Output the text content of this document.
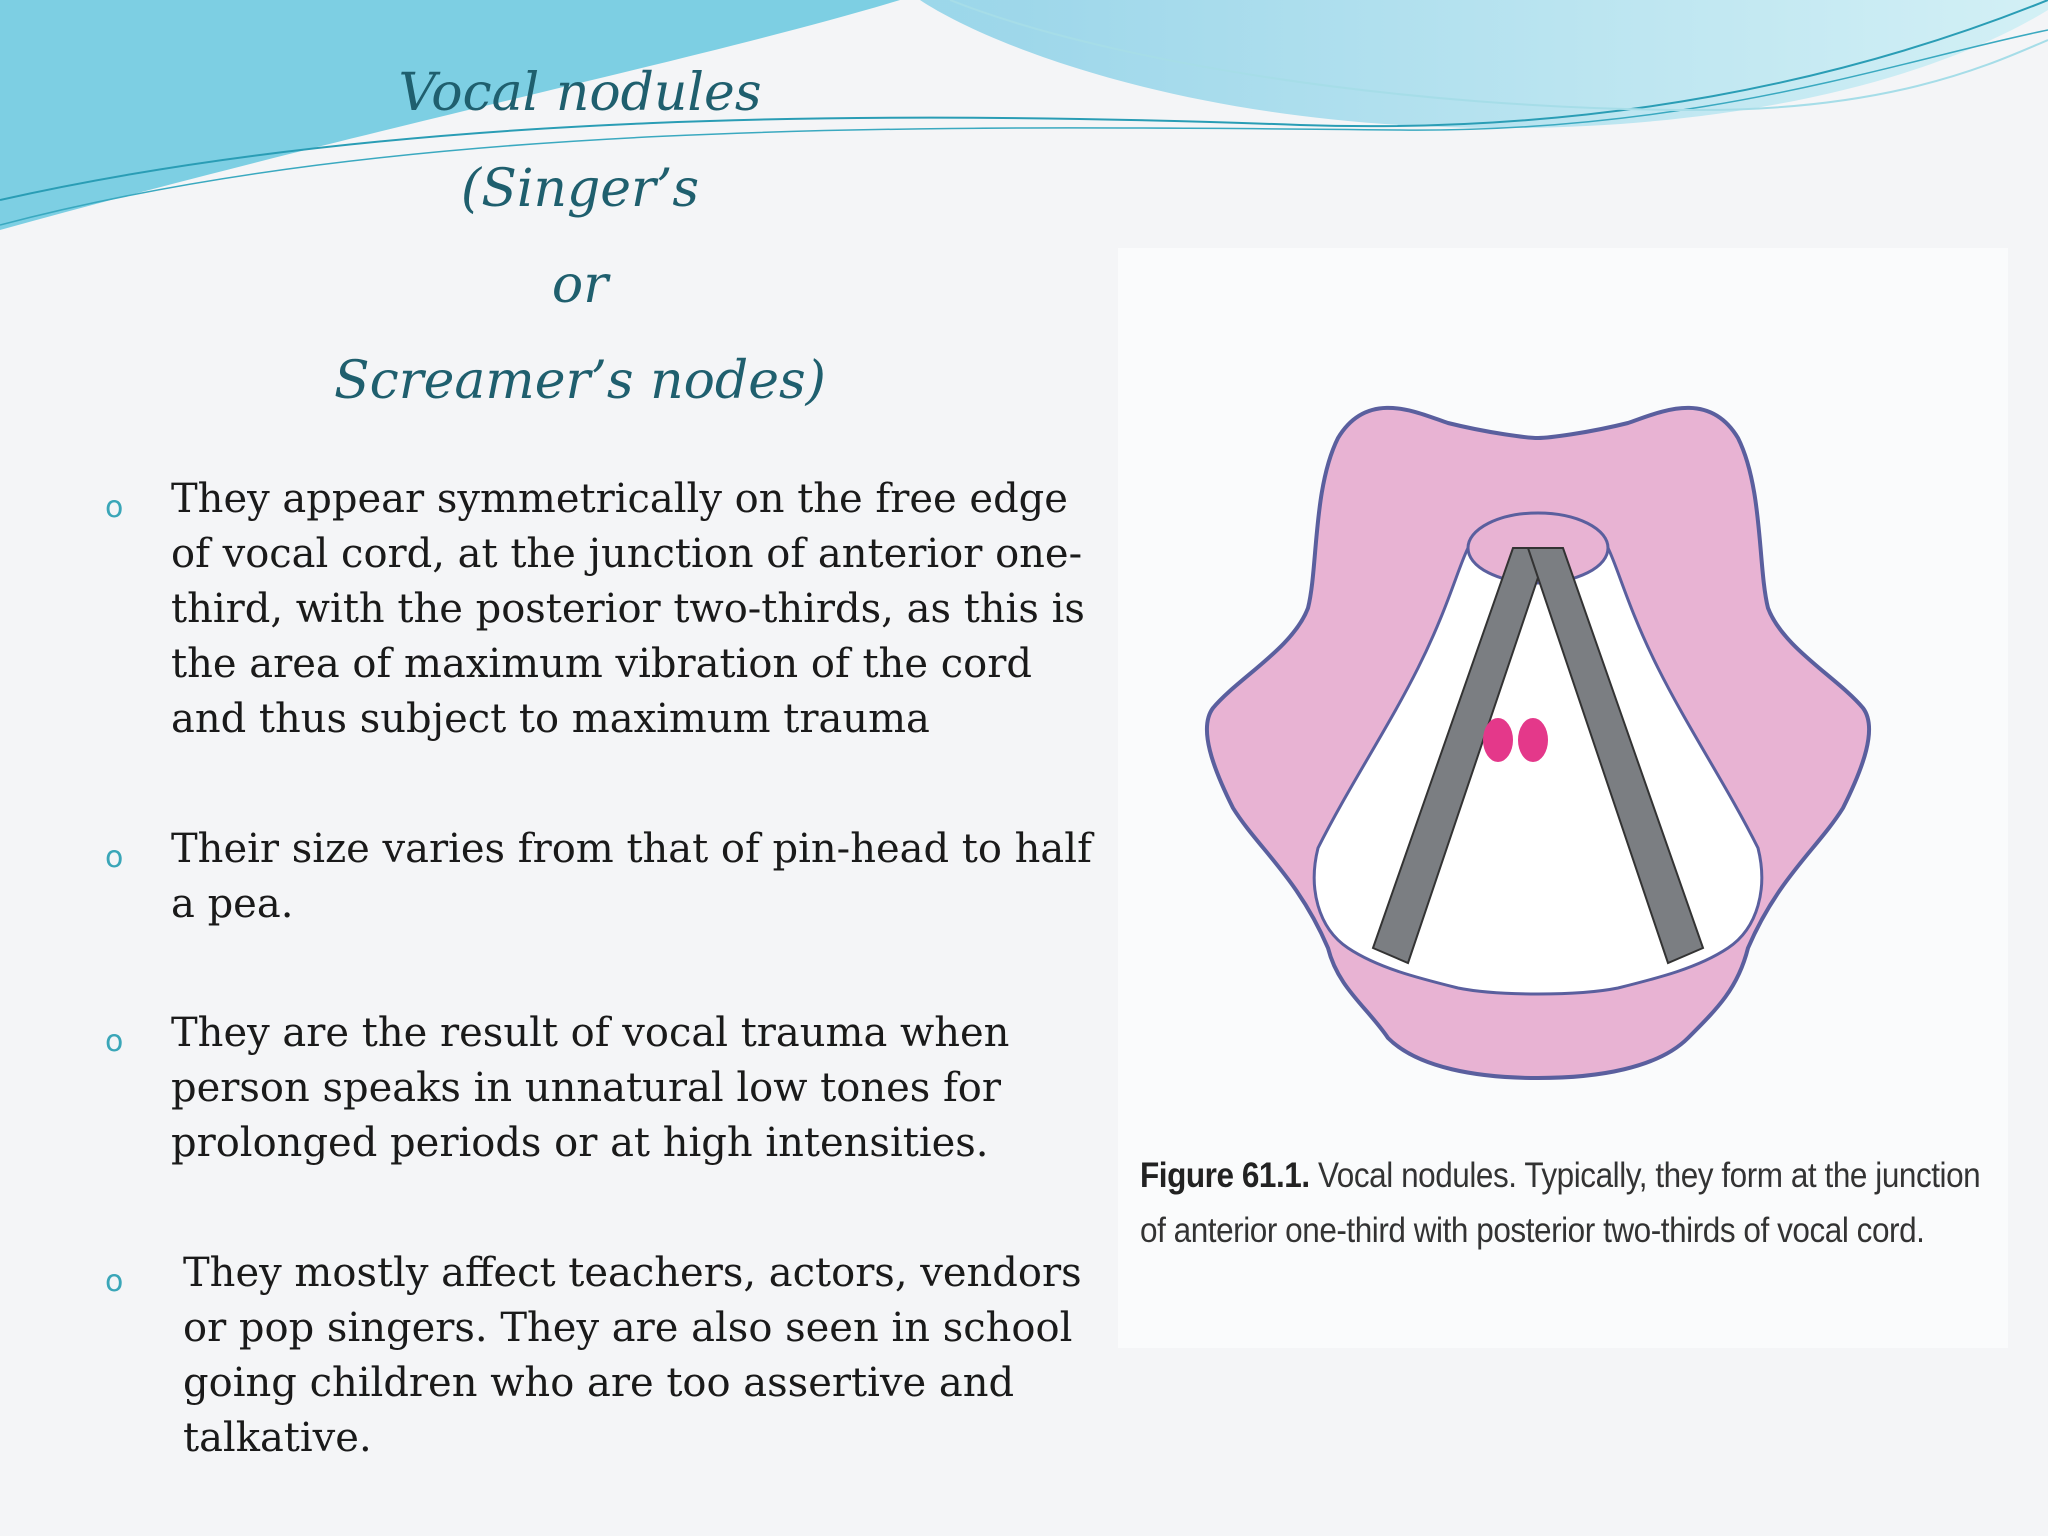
Vocal nodules
(Singer’s
or
Screamer’s nodes)
o They appear symmetrically on the free edge of vocal cord, at the junction of anterior one-third, with the posterior two-thirds, as this is the area of maximum vibration of the cord and thus subject to maximum trauma
o Their size varies from that of pin-head to half a pea.
o They are the result of vocal trauma when person speaks in unnatural low tones for prolonged periods or at high intensities.
o They mostly affect teachers, actors, vendors or pop singers. They are also seen in school going children who are too assertive and talkative.
Figure 61.1. Vocal nodules. Typically, they form at the junction of anterior one-third with posterior two-thirds of vocal cord.
